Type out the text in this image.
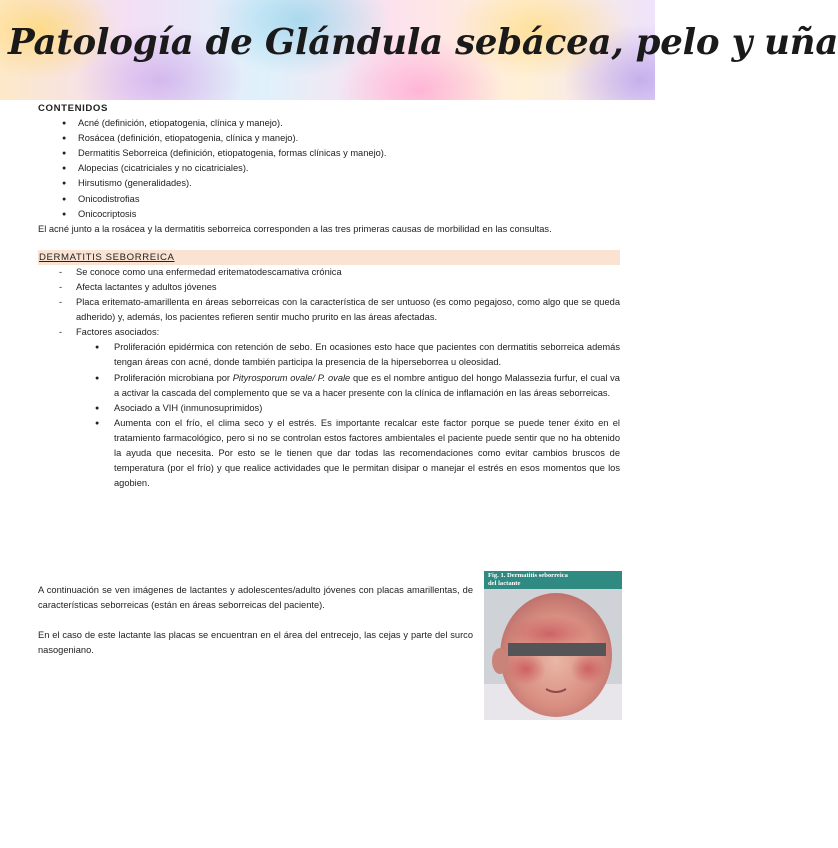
Patología de Glándula sebácea, pelo y uña

CONTENIDOS

● Acné (definición, etiopatogenia, clínica y manejo).
● Rosácea (definición, etiopatogenia, clínica y manejo).
● Dermatitis Seborreica (definición, etiopatogenia, formas clínicas y manejo).
● Alopecias (cicatriciales y no cicatriciales).
● Hirsutismo (generalidades).
● Onicodistrofias
● Onicocriptosis

El acné junto a la rosácea y la dermatitis seborreica corresponden a las tres primeras causas de morbilidad en las consultas.

DERMATITIS SEBORREICA
- Se conoce como una enfermedad eritematodescamativa crónica
- Afecta lactantes y adultos jóvenes
- Placa eritemato-amarillenta en áreas seborreicas con la característica de ser untuoso (es como pegajoso, como algo que se queda adherido) y, además, los pacientes refieren sentir mucho prurito en las áreas afectadas.
- Factores asociados:
● Proliferación epidérmica con retención de sebo. En ocasiones esto hace que pacientes con dermatitis seborreica además tengan áreas con acné, donde también participa la presencia de la hiperseborrea u oleosidad.
● Proliferación microbiana por Pityrosporum ovale/ P. ovale que es el nombre antiguo del hongo Malassezia furfur, el cual va a activar la cascada del complemento que se va a hacer presente con la clínica de inflamación en las áreas seborreicas.
● Asociado a VIH (inmunosuprimidos)
● Aumenta con el frío, el clima seco y el estrés. Es importante recalcar este factor porque se puede tener éxito en el tratamiento farmacológico, pero si no se controlan estos factores ambientales el paciente puede sentir que no ha obtenido la ayuda que necesita. Por esto se le tienen que dar todas las recomendaciones como evitar cambios bruscos de temperatura (por el frío) y que realice actividades que le permitan disipar o manejar el estrés en esos momentos que los agobien.

A continuación se ven imágenes de lactantes y adolescentes/adulto jóvenes con placas amarillentas, de características seborreicas (están en áreas seborreicas del paciente).

En el caso de este lactante las placas se encuentran en el área del entrecejo, las cejas y parte del surco nasogeniano.

Fig. 1. Dermatitis seborreica
del lactante
